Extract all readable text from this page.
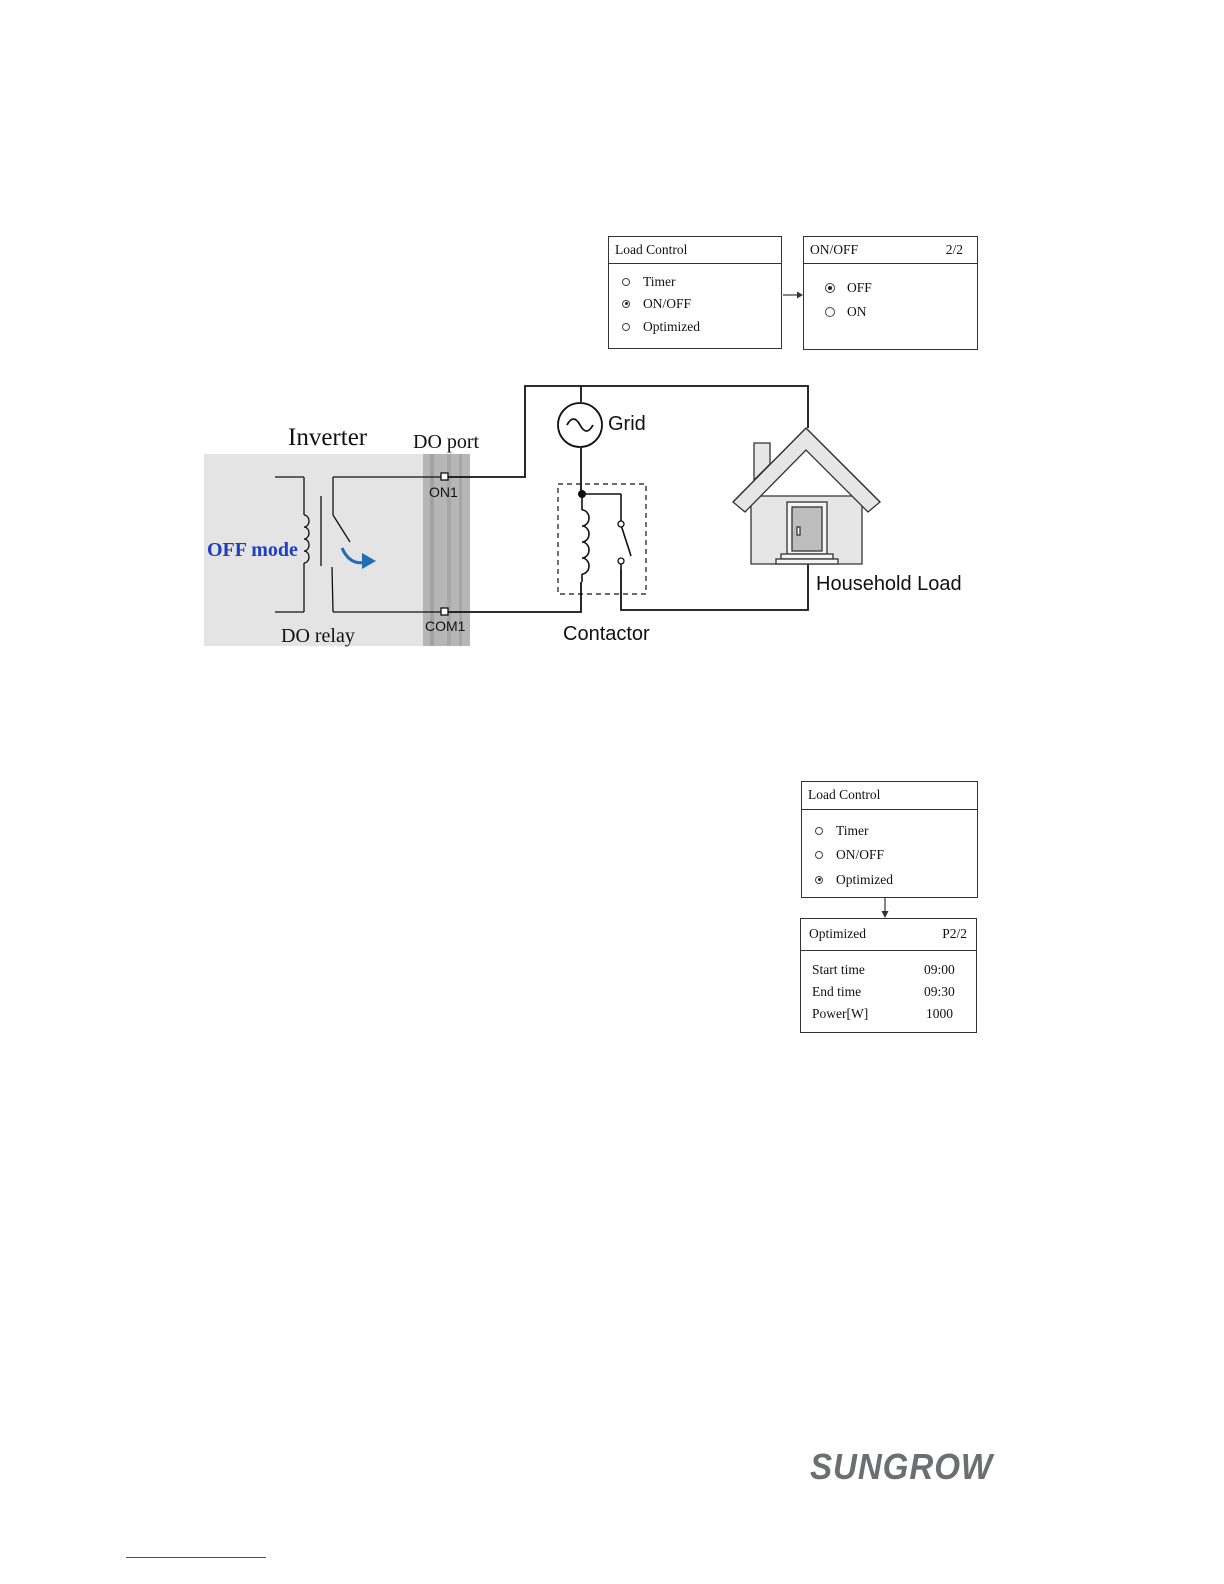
Load Control
Timer
ON/OFF
Optimized
ON/OFF	2/2
OFF
ON
Inverter DO port
ON1
COM1
OFF mode
DO relay
Grid
Contactor
Household Load
Load Control
Timer
ON/OFF
Optimized
Optimized	P2/2
Start time	09:00
End time	09:30
Power[W]	1000
SUNGROW
